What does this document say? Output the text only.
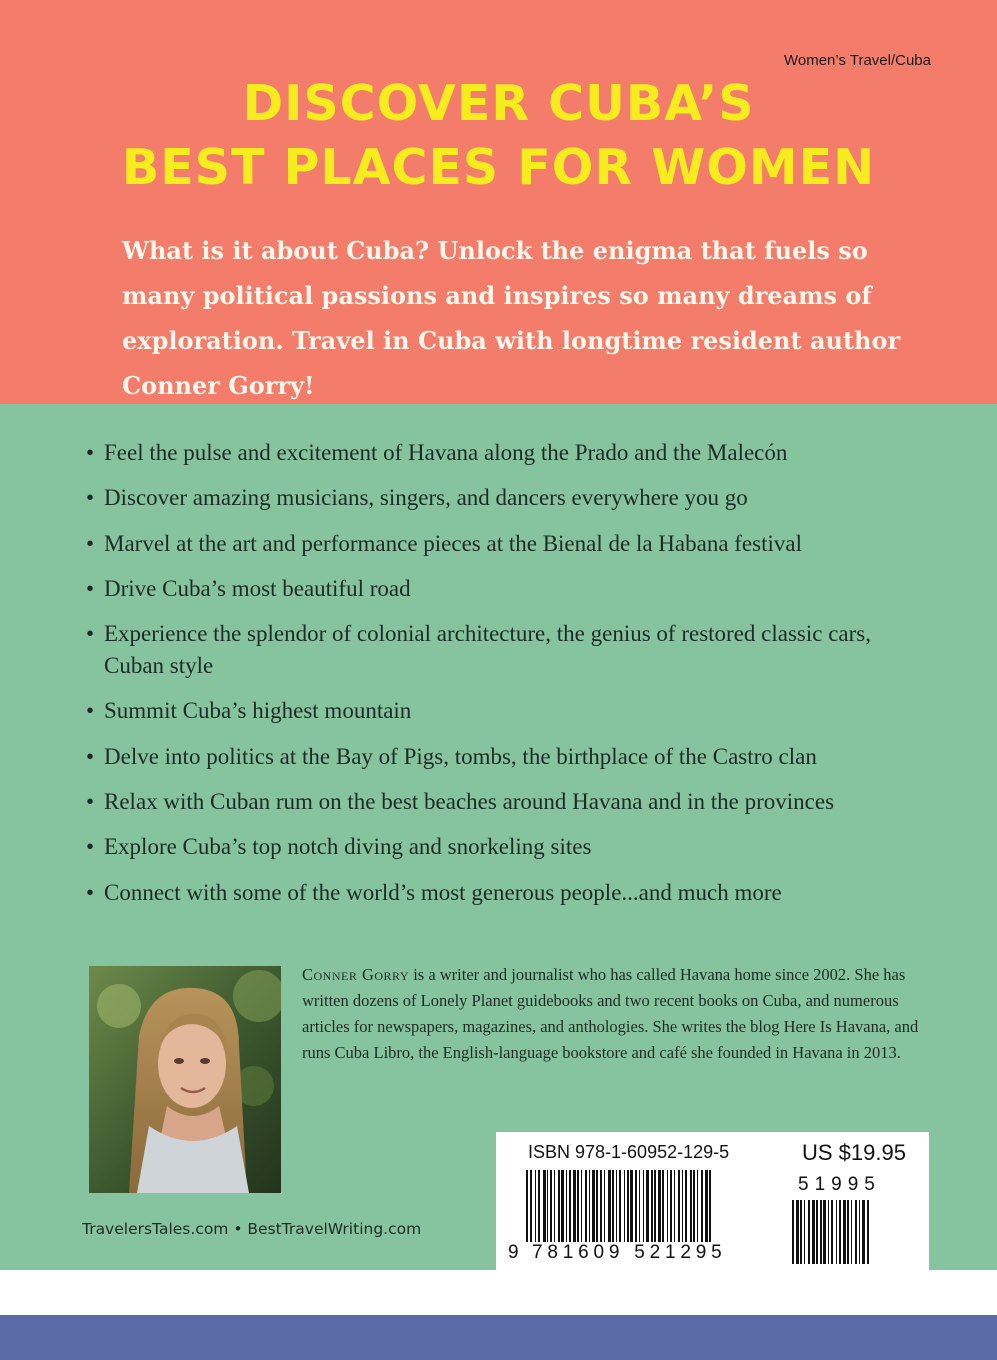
Women’s Travel/Cuba
DISCOVER CUBA’S
BEST PLACES FOR WOMEN

What is it about Cuba? Unlock the enigma that fuels so many political passions and inspires so many dreams of exploration. Travel in Cuba with longtime resident author Conner Gorry!

• Feel the pulse and excitement of Havana along the Prado and the Malecón
• Discover amazing musicians, singers, and dancers everywhere you go
• Marvel at the art and performance pieces at the Bienal de la Habana festival
• Drive Cuba’s most beautiful road
• Experience the splendor of colonial architecture, the genius of restored classic cars, Cuban style
• Summit Cuba’s highest mountain
• Delve into politics at the Bay of Pigs, tombs, the birthplace of the Castro clan
• Relax with Cuban rum on the best beaches around Havana and in the provinces
• Explore Cuba’s top notch diving and snorkeling sites
• Connect with some of the world’s most generous people...and much more

Conner Gorry is a writer and journalist who has called Havana home since 2002. She has written dozens of Lonely Planet guidebooks and two recent books on Cuba, and numerous articles for newspapers, magazines, and anthologies. She writes the blog Here Is Havana, and runs Cuba Libro, the English-language bookstore and café she founded in Havana in 2013.

TravelersTales.com • BestTravelWriting.com
ISBN 978-1-60952-129-5	US $19.95
51995
9 781609 521295
